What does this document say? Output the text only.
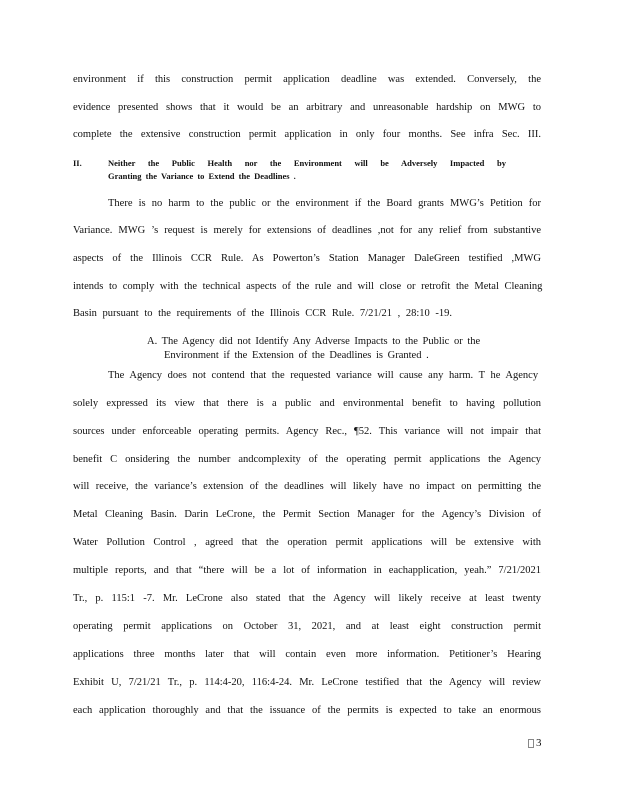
environment if this construction permit application deadline was extended. Conversely, the
evidence presented shows that it would be an arbitrary and unreasonable hardship on MWG to
complete the extensive construction permit application in only four months. See infra Sec. III.
II.	Neither the Public Health nor the Environment will be Adversely Impacted by
Granting the Variance to Extend the Deadlines .
There is no harm to the public or the environment if the Board grants MWG’s Petition for
Variance. MWG ’s request is merely for extensions of deadlines ,not for any relief from substantive
aspects of the Illinois CCR Rule. As Powerton’s Station Manager DaleGreen testified ,MWG
intends to comply with the technical aspects of the rule and will close or retrofit the Metal Cleaning
Basin pursuant to the requirements of the Illinois CCR Rule. 7/21/21 , 28:10 -19.
A. The Agency did not Identify Any Adverse Impacts to the Public or the
Environment if the Extension of the Deadlines is Granted .
The Agency does not contend that the requested variance will cause any harm. T he Agency
solely expressed its view that there is a public and environmental benefit to having pollution
sources under enforceable operating permits. Agency Rec., ¶52. This variance will not impair that
benefit C onsidering the number andcomplexity of the operating permit applications the Agency
will receive, the variance’s extension of the deadlines will likely have no impact on permitting the
Metal Cleaning Basin. Darin LeCrone, the Permit Section Manager for the Agency’s Division of
Water Pollution Control , agreed that the operation permit applications will be extensive with
multiple reports, and that “there will be a lot of information in eachapplication, yeah.” 7/21/2021
Tr., p. 115:1 -7. Mr. LeCrone also stated that the Agency will likely receive at least twenty
operating permit applications on October 31, 2021, and at least eight construction permit
applications three months later that will contain even more information. Petitioner’s Hearing
Exhibit U, 7/21/21 Tr., p. 114:4-20, 116:4-24. Mr. LeCrone testified that the Agency will review
each application thoroughly and that the issuance of the permits is expected to take an enormous
3
